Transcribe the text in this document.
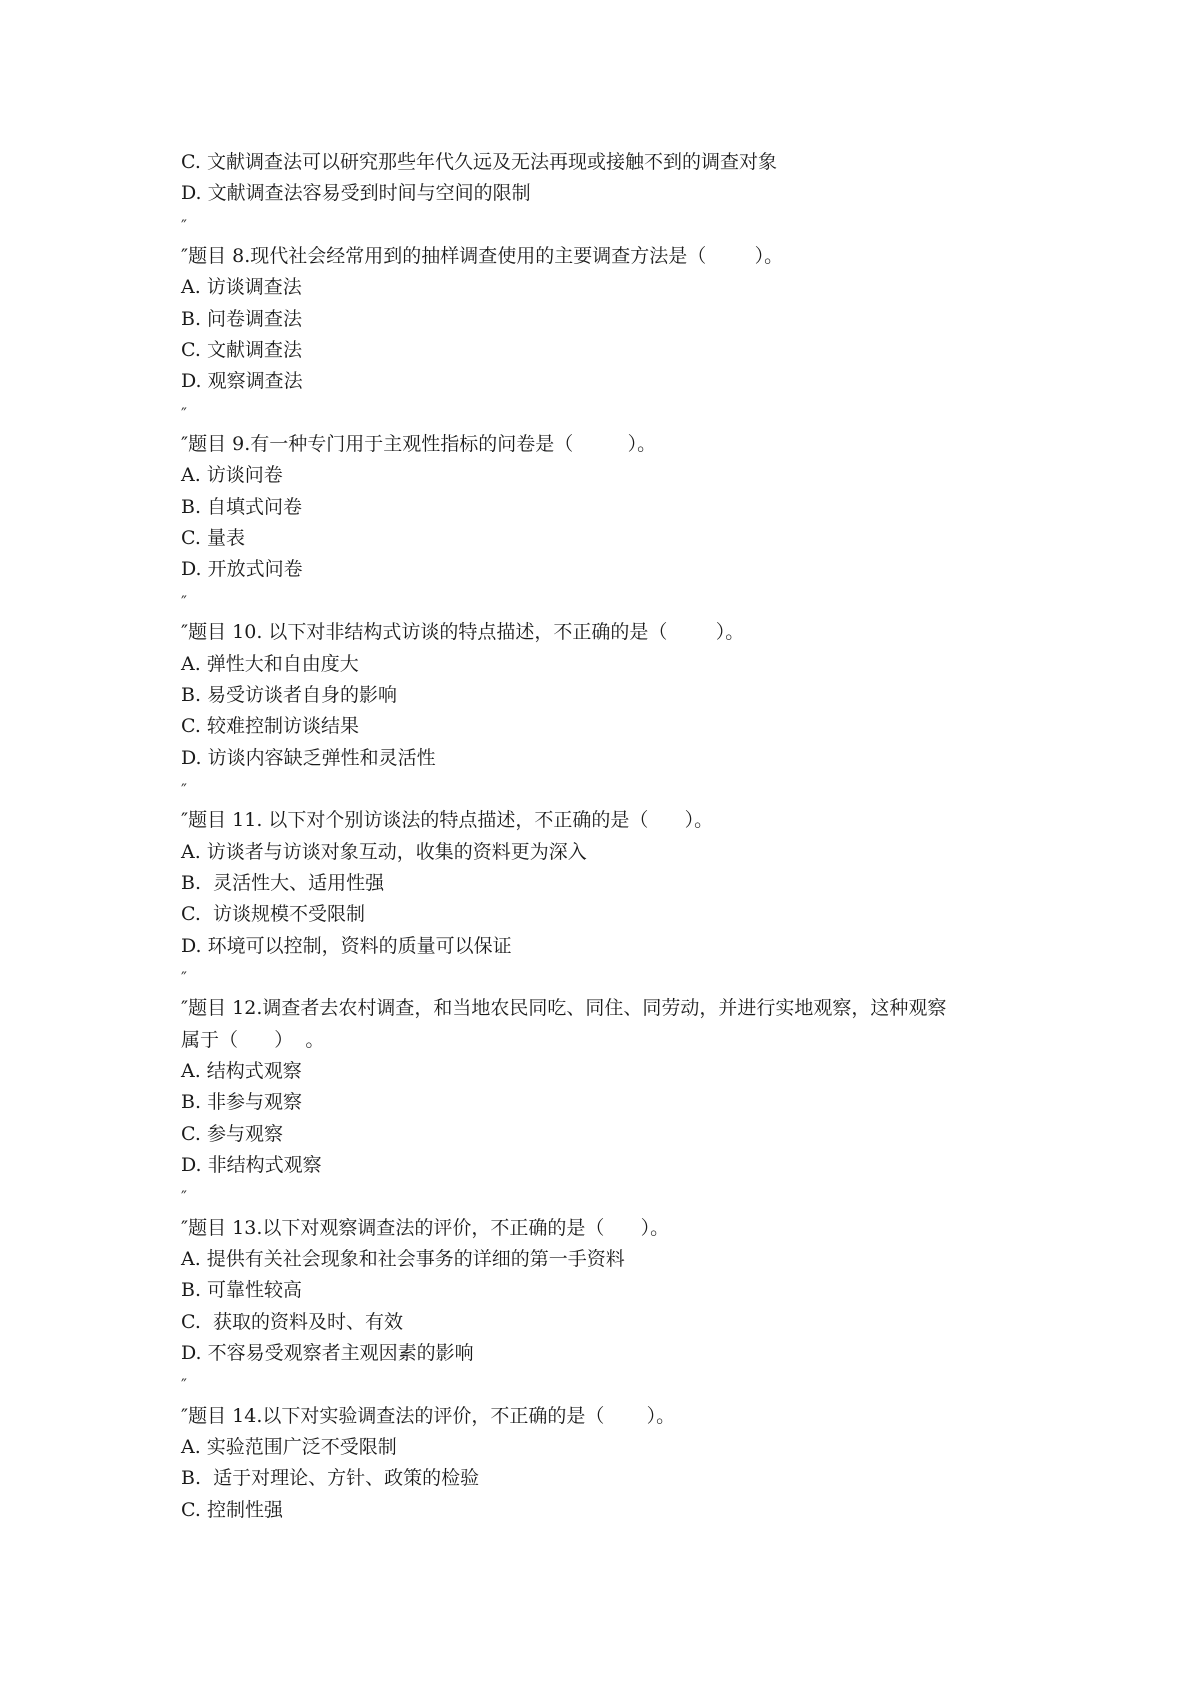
C. 文献调查法可以研究那些年代久远及无法再现或接触不到的调查对象
D. 文献调查法容易受到时间与空间的限制
″
″题目 8.现代社会经常用到的抽样调查使用的主要调查方法是（        ）。
A. 访谈调查法
B. 问卷调查法
C. 文献调查法
D. 观察调查法
″
″题目 9.有一种专门用于主观性指标的问卷是（         ）。
A. 访谈问卷
B. 自填式问卷
C. 量表
D. 开放式问卷
″
″题目 10. 以下对非结构式访谈的特点描述，不正确的是（        ）。
A. 弹性大和自由度大
B. 易受访谈者自身的影响
C. 较难控制访谈结果
D. 访谈内容缺乏弹性和灵活性
″
″题目 11. 以下对个别访谈法的特点描述，不正确的是（      ）。
A. 访谈者与访谈对象互动，收集的资料更为深入
B.  灵活性大、适用性强
C.  访谈规模不受限制
D. 环境可以控制，资料的质量可以保证
″
″题目 12.调查者去农村调查，和当地农民同吃、同住、同劳动，并进行实地观察，这种观察
属于（      ）  。
A. 结构式观察
B. 非参与观察
C. 参与观察
D. 非结构式观察
″
″题目 13.以下对观察调查法的评价，不正确的是（      ）。
A. 提供有关社会现象和社会事务的详细的第一手资料
B. 可靠性较高
C.  获取的资料及时、有效
D. 不容易受观察者主观因素的影响
″
″题目 14.以下对实验调查法的评价，不正确的是（       ）。
A. 实验范围广泛不受限制
B.  适于对理论、方针、政策的检验
C. 控制性强
